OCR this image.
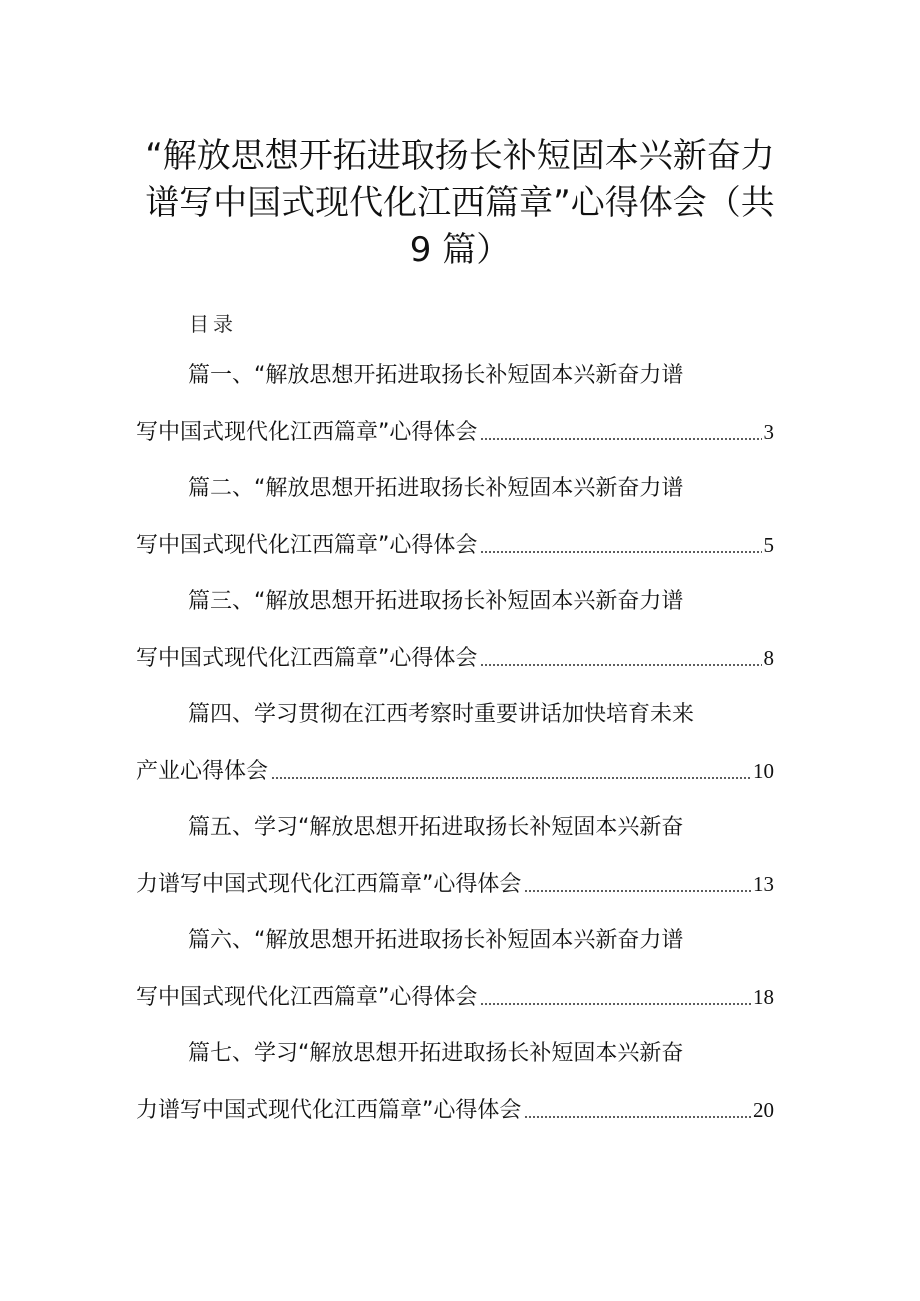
“解放思想开拓进取扬长补短固本兴新奋力谱写中国式现代化江西篇章”心得体会（共 9 篇）
目录
篇一、“解放思想开拓进取扬长补短固本兴新奋力谱
写中国式现代化江西篇章”心得体会	3
篇二、“解放思想开拓进取扬长补短固本兴新奋力谱
写中国式现代化江西篇章”心得体会	5
篇三、“解放思想开拓进取扬长补短固本兴新奋力谱
写中国式现代化江西篇章”心得体会	8
篇四、学习贯彻在江西考察时重要讲话加快培育未来
产业心得体会	10
篇五、学习“解放思想开拓进取扬长补短固本兴新奋
力谱写中国式现代化江西篇章”心得体会	13
篇六、“解放思想开拓进取扬长补短固本兴新奋力谱
写中国式现代化江西篇章”心得体会	18
篇七、学习“解放思想开拓进取扬长补短固本兴新奋
力谱写中国式现代化江西篇章”心得体会	20
